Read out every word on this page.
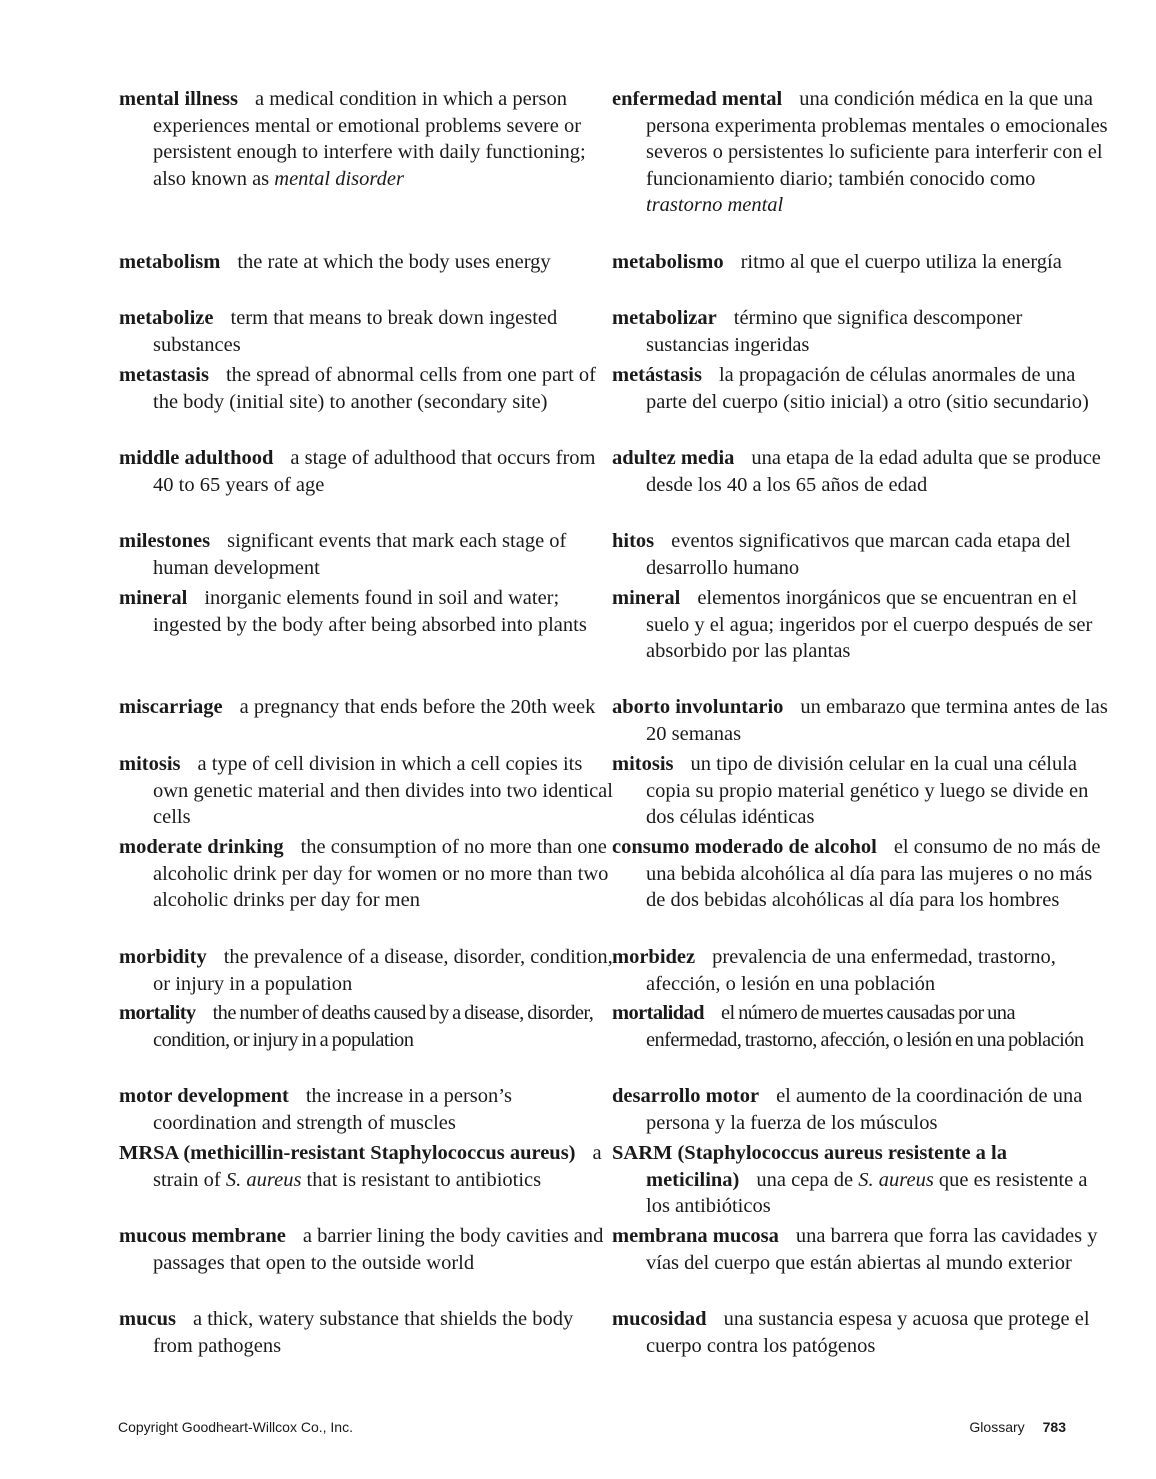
mental illness a medical condition in which a person experiences mental or emotional problems severe or persistent enough to interfere with daily functioning; also known as mental disorder

metabolism the rate at which the body uses energy

metabolize term that means to break down ingested substances

metastasis the spread of abnormal cells from one part of the body (initial site) to another (secondary site)

middle adulthood a stage of adulthood that occurs from 40 to 65 years of age

milestones significant events that mark each stage of human development

mineral inorganic elements found in soil and water; ingested by the body after being absorbed into plants

miscarriage a pregnancy that ends before the 20th week

mitosis a type of cell division in which a cell copies its own genetic material and then divides into two identical cells

moderate drinking the consumption of no more than one alcoholic drink per day for women or no more than two alcoholic drinks per day for men

morbidity the prevalence of a disease, disorder, condition, or injury in a population

mortality the number of deaths caused by a disease, disorder, condition, or injury in a population

motor development the increase in a person’s coordination and strength of muscles

MRSA (methicillin-resistant Staphylococcus aureus) a strain of S. aureus that is resistant to antibiotics

mucous membrane a barrier lining the body cavities and passages that open to the outside world

mucus a thick, watery substance that shields the body from pathogens

enfermedad mental una condición médica en la que una persona experimenta problemas mentales o emocionales severos o persistentes lo suficiente para interferir con el funcionamiento diario; también conocido como trastorno mental

metabolismo ritmo al que el cuerpo utiliza la energía

metabolizar término que significa descomponer sustancias ingeridas

metástasis la propagación de células anormales de una parte del cuerpo (sitio inicial) a otro (sitio secundario)

adultez media una etapa de la edad adulta que se produce desde los 40 a los 65 años de edad

hitos eventos significativos que marcan cada etapa del desarrollo humano

mineral elementos inorgánicos que se encuentran en el suelo y el agua; ingeridos por el cuerpo después de ser absorbido por las plantas

aborto involuntario un embarazo que termina antes de las 20 semanas

mitosis un tipo de división celular en la cual una célula copia su propio material genético y luego se divide en dos células idénticas

consumo moderado de alcohol el consumo de no más de una bebida alcohólica al día para las mujeres o no más de dos bebidas alcohólicas al día para los hombres

morbidez prevalencia de una enfermedad, trastorno, afección, o lesión en una población

mortalidad el número de muertes causadas por una enfermedad, trastorno, afección, o lesión en una población

desarrollo motor el aumento de la coordinación de una persona y la fuerza de los músculos

SARM (Staphylococcus aureus resistente a la meticilina) una cepa de S. aureus que es resistente a los antibióticos

membrana mucosa una barrera que forra las cavidades y vías del cuerpo que están abiertas al mundo exterior

mucosidad una sustancia espesa y acuosa que protege el cuerpo contra los patógenos

Copyright Goodheart-Willcox Co., Inc.	Glossary 783
